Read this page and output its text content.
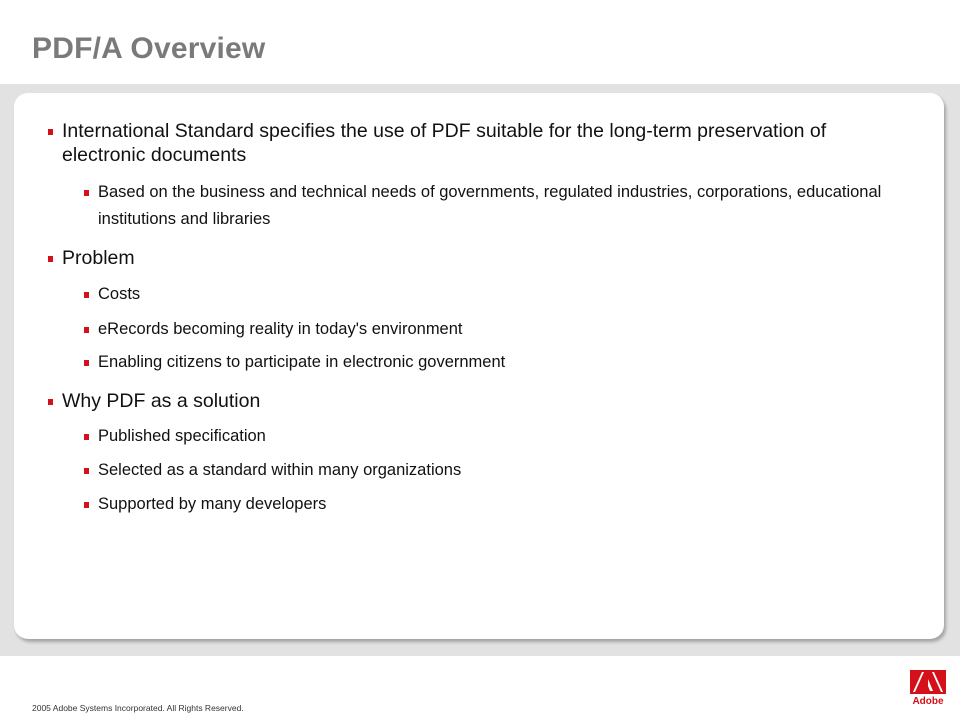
PDF/A Overview
International Standard specifies the use of PDF suitable for the long-term preservation of electronic documents
Based on the business and technical needs of governments, regulated industries, corporations, educational institutions and libraries
Problem
Costs
eRecords becoming reality in today's environment
Enabling citizens to participate in electronic government
Why PDF as a solution
Published specification
Selected as a standard within many organizations
Supported by many developers
2005 Adobe Systems Incorporated. All Rights Reserved.
Adobe
